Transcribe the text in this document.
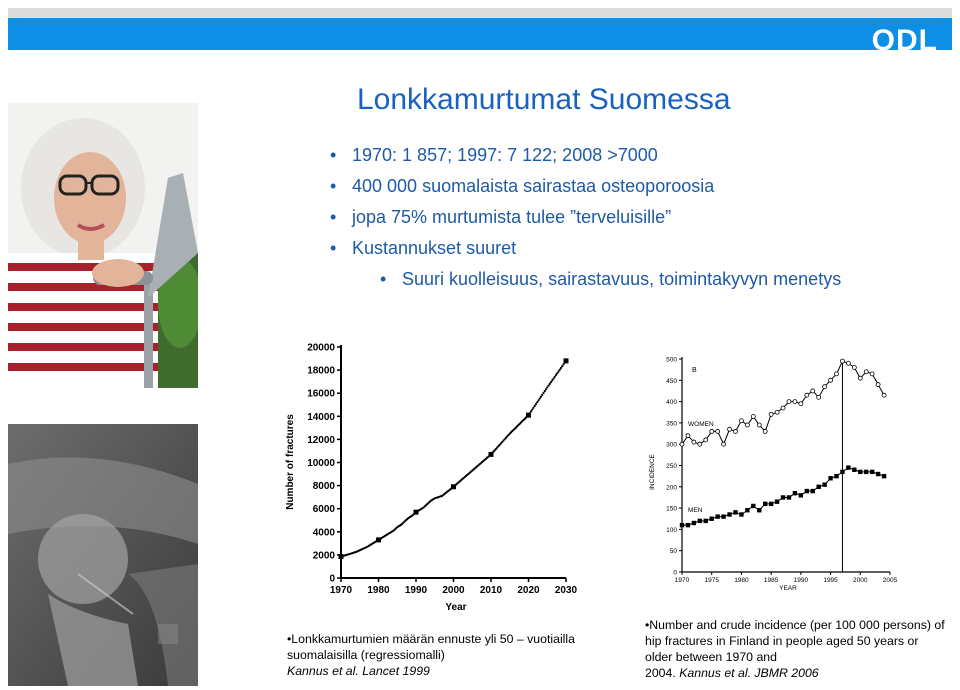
ODL
Lonkkamurtumat Suomessa
• 1970: 1 857; 1997: 7 122; 2008 >7000
• 400 000 suomalaista sairastaa osteoporoosia
• jopa 75% murtumista tulee ”terveluisille”
• Kustannukset suuret
• Suuri kuolleisuus, sairastavuus, toimintakyvyn menetys
0
2000
4000
6000
8000
10000
12000
14000
16000
18000
20000
1970 1980 1990 2000 2010 2020 2030
Number of fractures
Year
0
50
100
150
200
250
300
350
400
450
500
1970 1975 1980 1985 1990 1995 2000 2005
B
WOMEN
MEN
INCIDENCE
YEAR
•Lonkkamurtumien määrän ennuste yli 50 – vuotiailla suomalaisilla (regressiomalli)
Kannus et al. Lancet 1999
•Number and crude incidence (per 100 000 persons) of hip fractures in Finland in people aged 50 years or older between 1970 and
2004. Kannus et al. JBMR 2006
